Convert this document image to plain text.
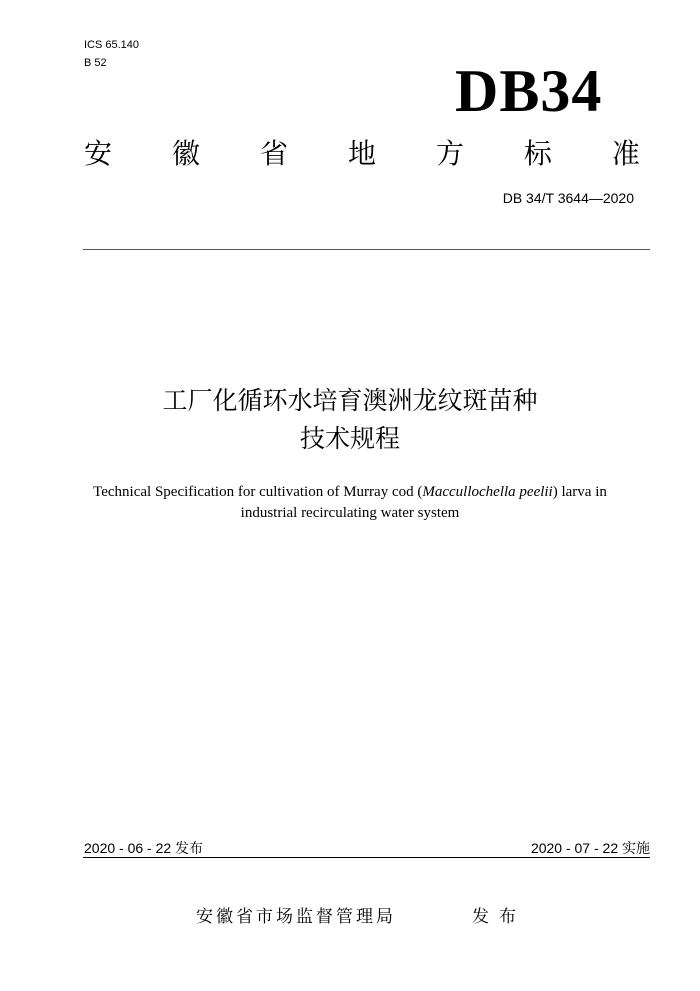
ICS 65.140
B 52	DB34
安 徽 省 地 方 标 准
DB 34/T 3644—2020
工厂化循环水培育澳洲龙纹斑苗种
技术规程
Technical Specification for cultivation of Murray cod (Maccullochella peelii) larva in
industrial recirculating water system
2020 - 06 - 22 发布	2020 - 07 - 22 实施
安徽省市场监督管理局	发布
